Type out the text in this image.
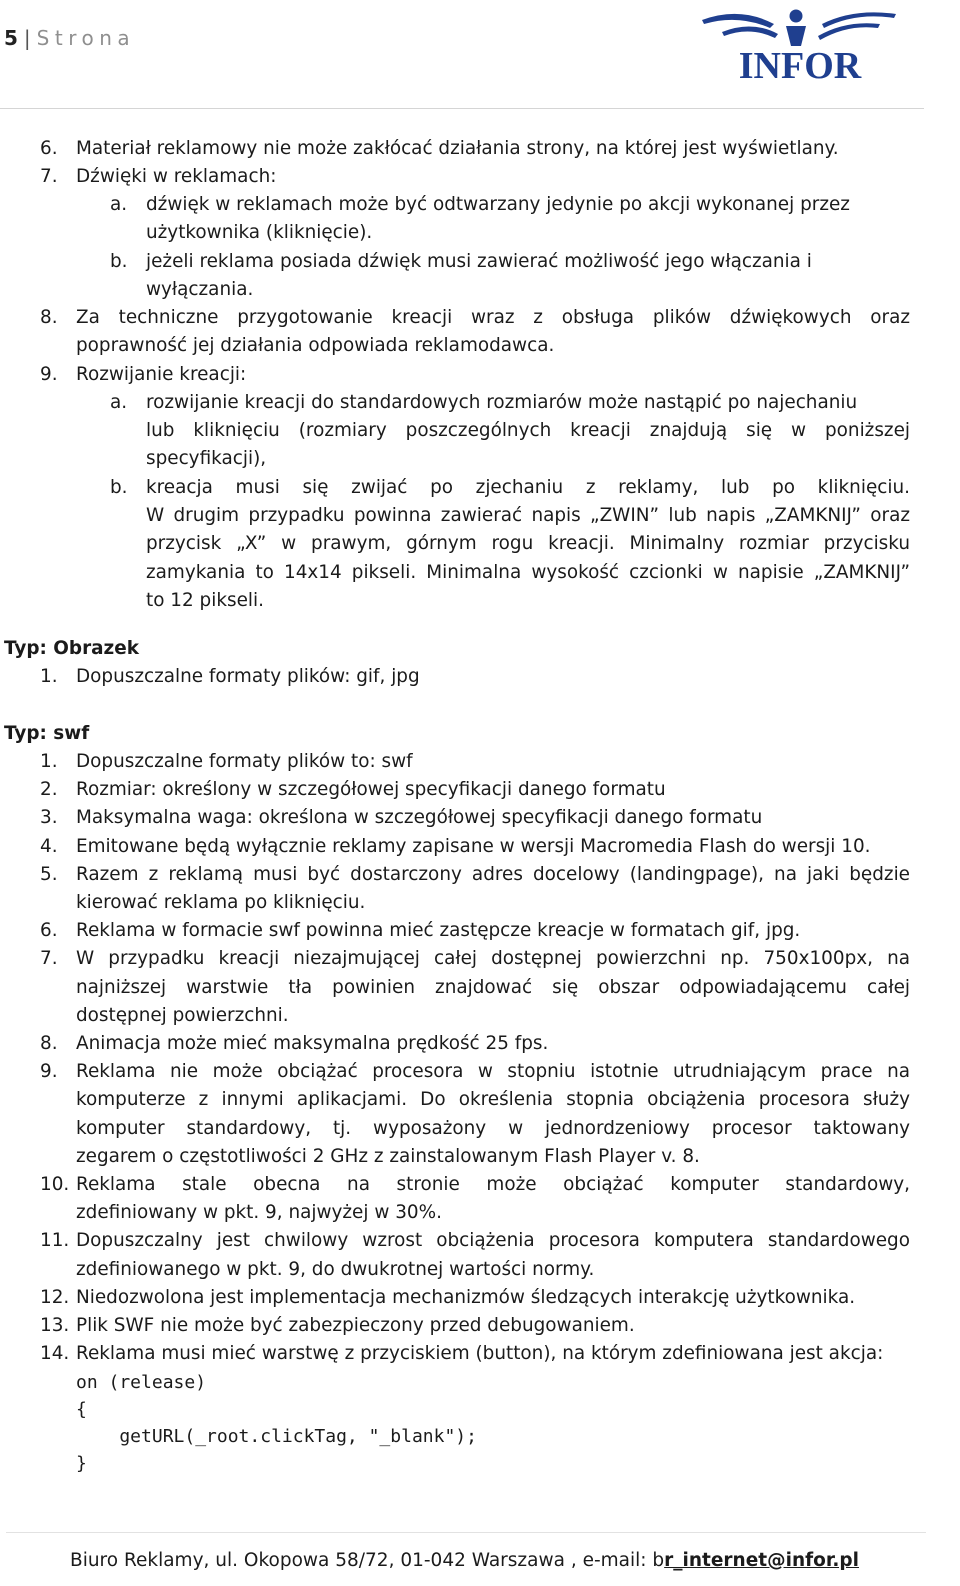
5 | Strona
INFOR
6.	Materiał reklamowy nie może zakłócać działania strony, na której jest wyświetlany.
7.	Dźwięki w reklamach:
a.	dźwięk w reklamach może być odtwarzany jedynie po akcji wykonanej przez
użytkownika (kliknięcie).
b.	jeżeli reklama posiada dźwięk musi zawierać możliwość jego włączania i
wyłączania.
8.	Za techniczne przygotowanie kreacji wraz z obsługa plików dźwiękowych oraz
poprawność jej działania odpowiada reklamodawca.
9.	Rozwijanie kreacji:
a.	rozwijanie kreacji do standardowych rozmiarów może nastąpić po najechaniu
lub kliknięciu (rozmiary poszczególnych kreacji znajdują się w poniższej
specyfikacji),
b.	kreacja musi się zwijać po zjechaniu z reklamy, lub po kliknięciu.
W drugim przypadku powinna zawierać napis „ZWIN” lub napis „ZAMKNIJ” oraz
przycisk „X” w prawym, górnym rogu kreacji. Minimalny rozmiar przycisku
zamykania to 14x14 pikseli. Minimalna wysokość czcionki w napisie „ZAMKNIJ”
to 12 pikseli.
Typ: Obrazek
1.	Dopuszczalne formaty plików: gif, jpg
Typ: swf
1.	Dopuszczalne formaty plików to: swf
2.	Rozmiar: określony w szczegółowej specyfikacji danego formatu
3.	Maksymalna waga: określona w szczegółowej specyfikacji danego formatu
4.	Emitowane będą wyłącznie reklamy zapisane w wersji Macromedia Flash do wersji 10.
5.	Razem z reklamą musi być dostarczony adres docelowy (landingpage), na jaki będzie
kierować reklama po kliknięciu.
6.	Reklama w formacie swf powinna mieć zastępcze kreacje w formatach gif, jpg.
7.	W przypadku kreacji niezajmującej całej dostępnej powierzchni np. 750x100px, na
najniższej warstwie tła powinien znajdować się obszar odpowiadającemu całej
dostępnej powierzchni.
8.	Animacja może mieć maksymalna prędkość 25 fps.
9.	Reklama nie może obciążać procesora w stopniu istotnie utrudniającym prace na
komputerze z innymi aplikacjami. Do określenia stopnia obciążenia procesora służy
komputer standardowy, tj. wyposażony w jednordzeniowy procesor taktowany
zegarem o częstotliwości 2 GHz z zainstalowanym Flash Player v. 8.
10. Reklama stale obecna na stronie może obciążać komputer standardowy,
zdefiniowany w pkt. 9, najwyżej w 30%.
11. Dopuszczalny jest chwilowy wzrost obciążenia procesora komputera standardowego
zdefiniowanego w pkt. 9, do dwukrotnej wartości normy.
12. Niedozwolona jest implementacja mechanizmów śledzących interakcję użytkownika.
13. Plik SWF nie może być zabezpieczony przed debugowaniem.
14. Reklama musi mieć warstwę z przyciskiem (button), na którym zdefiniowana jest akcja:
on (release)
{
getURL(_root.clickTag, "_blank");
}
Biuro Reklamy, ul. Okopowa 58/72, 01-042 Warszawa , e-mail: br_internet@infor.pl
